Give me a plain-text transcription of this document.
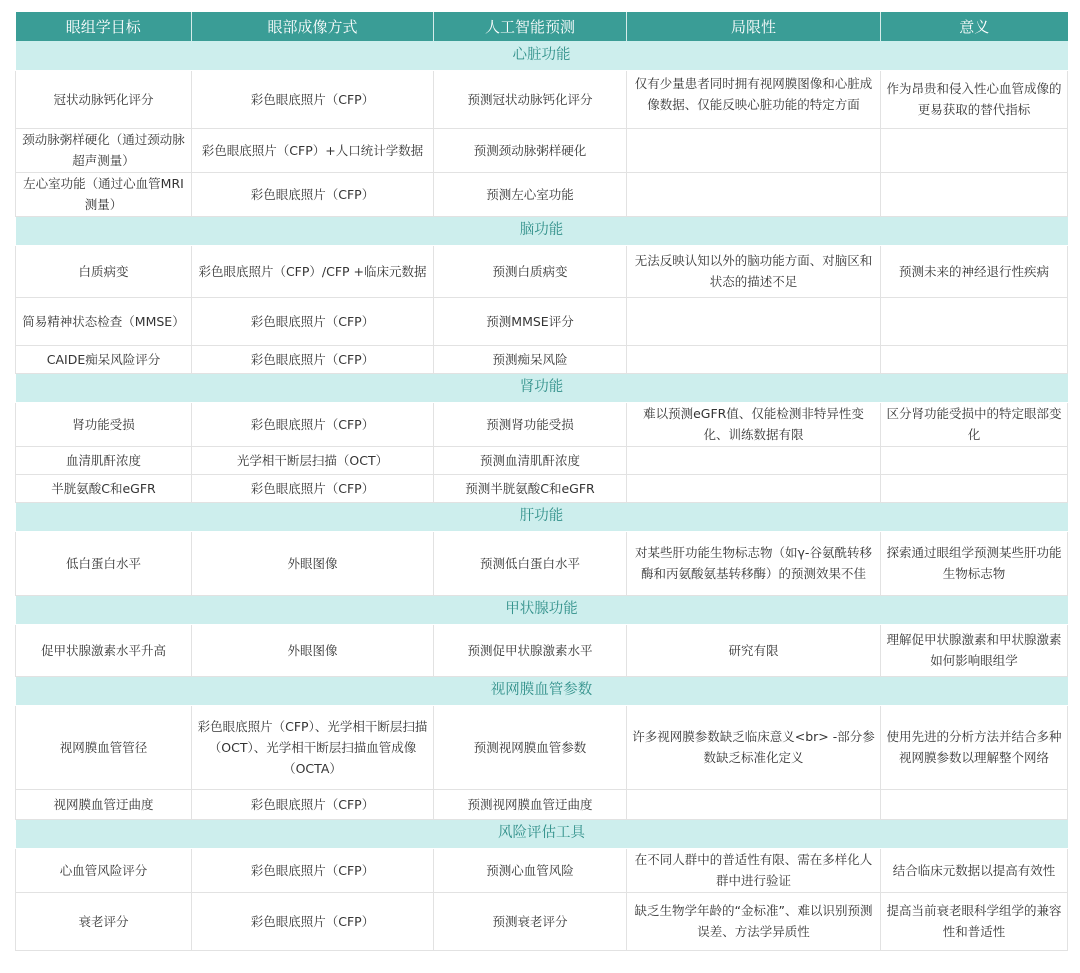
眼组学目标	眼部成像方式	人工智能预测	局限性	意义
心脏功能				
冠状动脉钙化评分	彩色眼底照片（CFP）	预测冠状动脉钙化评分	仅有少量患者同时拥有视网膜图像和心脏成像数据、仅能反映心脏功能的特定方面	作为昂贵和侵入性心血管成像的更易获取的替代指标
颈动脉粥样硬化（通过颈动脉超声测量）	彩色眼底照片（CFP）+人口统计学数据	预测颈动脉粥样硬化		
左心室功能（通过心血管MRI测量）	彩色眼底照片（CFP）	预测左心室功能		
脑功能				
白质病变	彩色眼底照片（CFP）/CFP +临床元数据	预测白质病变	无法反映认知以外的脑功能方面、对脑区和状态的描述不足	预测未来的神经退行性疾病
简易精神状态检查（MMSE）	彩色眼底照片（CFP）	预测MMSE评分		
CAIDE痴呆风险评分	彩色眼底照片（CFP）	预测痴呆风险		
肾功能				
肾功能受损	彩色眼底照片（CFP）	预测肾功能受损	难以预测eGFR值、仅能检测非特异性变化、训练数据有限	区分肾功能受损中的特定眼部变化
血清肌酐浓度	光学相干断层扫描（OCT）	预测血清肌酐浓度		
半胱氨酸C和eGFR	彩色眼底照片（CFP）	预测半胱氨酸C和eGFR		
肝功能				
低白蛋白水平	外眼图像	预测低白蛋白水平	对某些肝功能生物标志物（如γ-谷氨酰转移酶和丙氨酸氨基转移酶）的预测效果不佳	探索通过眼组学预测某些肝功能生物标志物
甲状腺功能				
促甲状腺激素水平升高	外眼图像	预测促甲状腺激素水平	研究有限	理解促甲状腺激素和甲状腺激素如何影响眼组学
视网膜血管参数				
视网膜血管管径	彩色眼底照片（CFP）、光学相干断层扫描（OCT）、光学相干断层扫描血管成像（OCTA）	预测视网膜血管参数	许多视网膜参数缺乏临床意义<br> -部分参数缺乏标准化定义	使用先进的分析方法并结合多种视网膜参数以理解整个网络
视网膜血管迂曲度	彩色眼底照片（CFP）	预测视网膜血管迂曲度		
风险评估工具				
心血管风险评分	彩色眼底照片（CFP）	预测心血管风险	在不同人群中的普适性有限、需在多样化人群中进行验证	结合临床元数据以提高有效性
衰老评分	彩色眼底照片（CFP）	预测衰老评分	缺乏生物学年龄的“金标准”、难以识别预测误差、方法学异质性	提高当前衰老眼科学组学的兼容性和普适性
